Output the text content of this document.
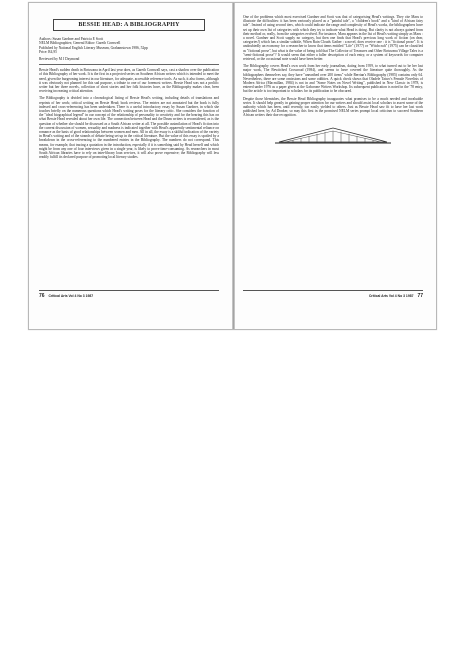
BESSIE HEAD: A BIBLIOGRAPHY
Authors: Susan Gardner and Patricia E Scott
NELM Bibliographies; General Editor: Gareth Cornwell
Published by National English Literary Museum, Grahamstown 1986, 52pp
Price: R4,95
Reviewed by M J Daymond

Bessie Head's sudden death in Botswana in April last year does, as Gareth Cornwall says, cast a shadow over the publication of this Bibliography of her work. It is the first in a projected series on Southern African writers which is intended to meet the need, given the burgeoning interest in our literature, for adequate, accessible reference tools. As such, it also forms, although it was obviously not planned for this sad purpose, a tribute to one of our foremost writers. Bessie Head was not a prolific writer but her three novels, collection of short stories and her folk histories have, as the Bibliography makes clear, been receiving increasing critical attention.

The Bibliography is divided into a chronological listing of Bessie Head's writing, including details of translations and reprints of her work; critical writing on Bessie Head; book reviews. The entries are not annotated but the book is fully indexed and cross-referencing has been undertaken. There is a useful introductory essay by Susan Gardner, in which she touches briefly on the numerous questions which Head's writing poses for the literary critic. She considers the function of the "ideal biographical legend" in our concept of the relationship of personality to creativity and for the bearing this has on what Bessie Head revealed about her own life. The connection between Head and the Drum writers is reconsidered, as is the question of whether she should be discussed as a South African writer at all. The possible assimilation of Head's fiction into the current discussion of women, sexuality and madness is indicated together with Head's apparently sentimental reliance on romance as the basis of good relationships between women and men. All in all, the essay is a skilful indication of the variety in Head's writing and of the strands of debate being set up in the critical literature. But the value of this essay is spoiled by a breakdown in the cross-referencing to the numbered entries in the Bibliography. The numbers do not correspond. This means, for example, that tracing a quotation in the introduction, especially if it is something said by Head herself and which might be from any one of four interviews given in a single year, is likely to prove time-consuming. As researchers in most South African libraries have to rely on inter-library loan services, it will also prove expensive; the Bibliography will less readily fulfill its declared purpose of promoting local literary studies.

One of the problems which most exercised Gardner and Scott was that of categorising Head's writings. They cite Maru to illustrate the difficulties: it has been variously placed as a "painful tale", a "children's book" and a "kind of African fairy tale". Instead of using second tiers, which could indicate the range and complexity of Head's works, the bibliographers have set up their own list of categories with which they try to indicate what Head is doing. But clarity is not always gained from their method or, really, from the categories evolved. For instance, Maru appears in the list of Head's writing simply as Maru : a novel. Gardner and Scott supply no category, but then one finds that Head's previous long work of fiction (on dear, categories!) which has a similar subtitle, When Rain Clouds Gather : a novel, does receive one : it is "fictional prose". It is undoubtedly an economy for a researcher to know that items entitled "Life" (1977) or "Witchcraft" (1975) can be classified as "fictional prose", but what is the value of being told that The Collector of Treasures and Other Botswana Village Tales is a "semi-fictional prose"? It would seem that either a fuller description of each entry, or a system of keywords for computer retrieval, or the occasional note would have been better.

The Bibliography covers Head's own work from her early journalism, dating from 1959, to what turned out to be her last major work, The Bewitched Crossroad (1984), and seems to have covered the literature quite thoroughly. As the bibliographers themselves say, they have "unearthed over 200 items" while Berrian's Bibliography (1985) contains only 64. Nevertheless, there are some omissions and some oddities. A quick check shows that Oladele Taiwo's Female Novelists of Modern Africa (Macmillan, 1984) is not in and "Some Notes on Novel Writing", published in New Classic in 1978, is entered under 1976 as a paper given at the Gaborone Writers Workshop. Its subsequent publication is noted in the '78 entry, but the article is too important to scholars for its publication to be obscured.

Despite those blemishes, the Bessie Head Bibliography inaugurates what promises to be a much needed and invaluable series. It should help greatly in gaining proper attention for our writers and should assist local scholars to assert some of the authority which has been, until recently, too easily yielded to others. Just as Bessie Head saw fit to have her last work published here, by Ad Donker, so may this first in the promised NELM series prompt local criticism to succeed Southern African writers their due recognition.

76 Critical Arts Vol 4 No 3 1987	Critical Arts Vol 4 No 3 1987 77
